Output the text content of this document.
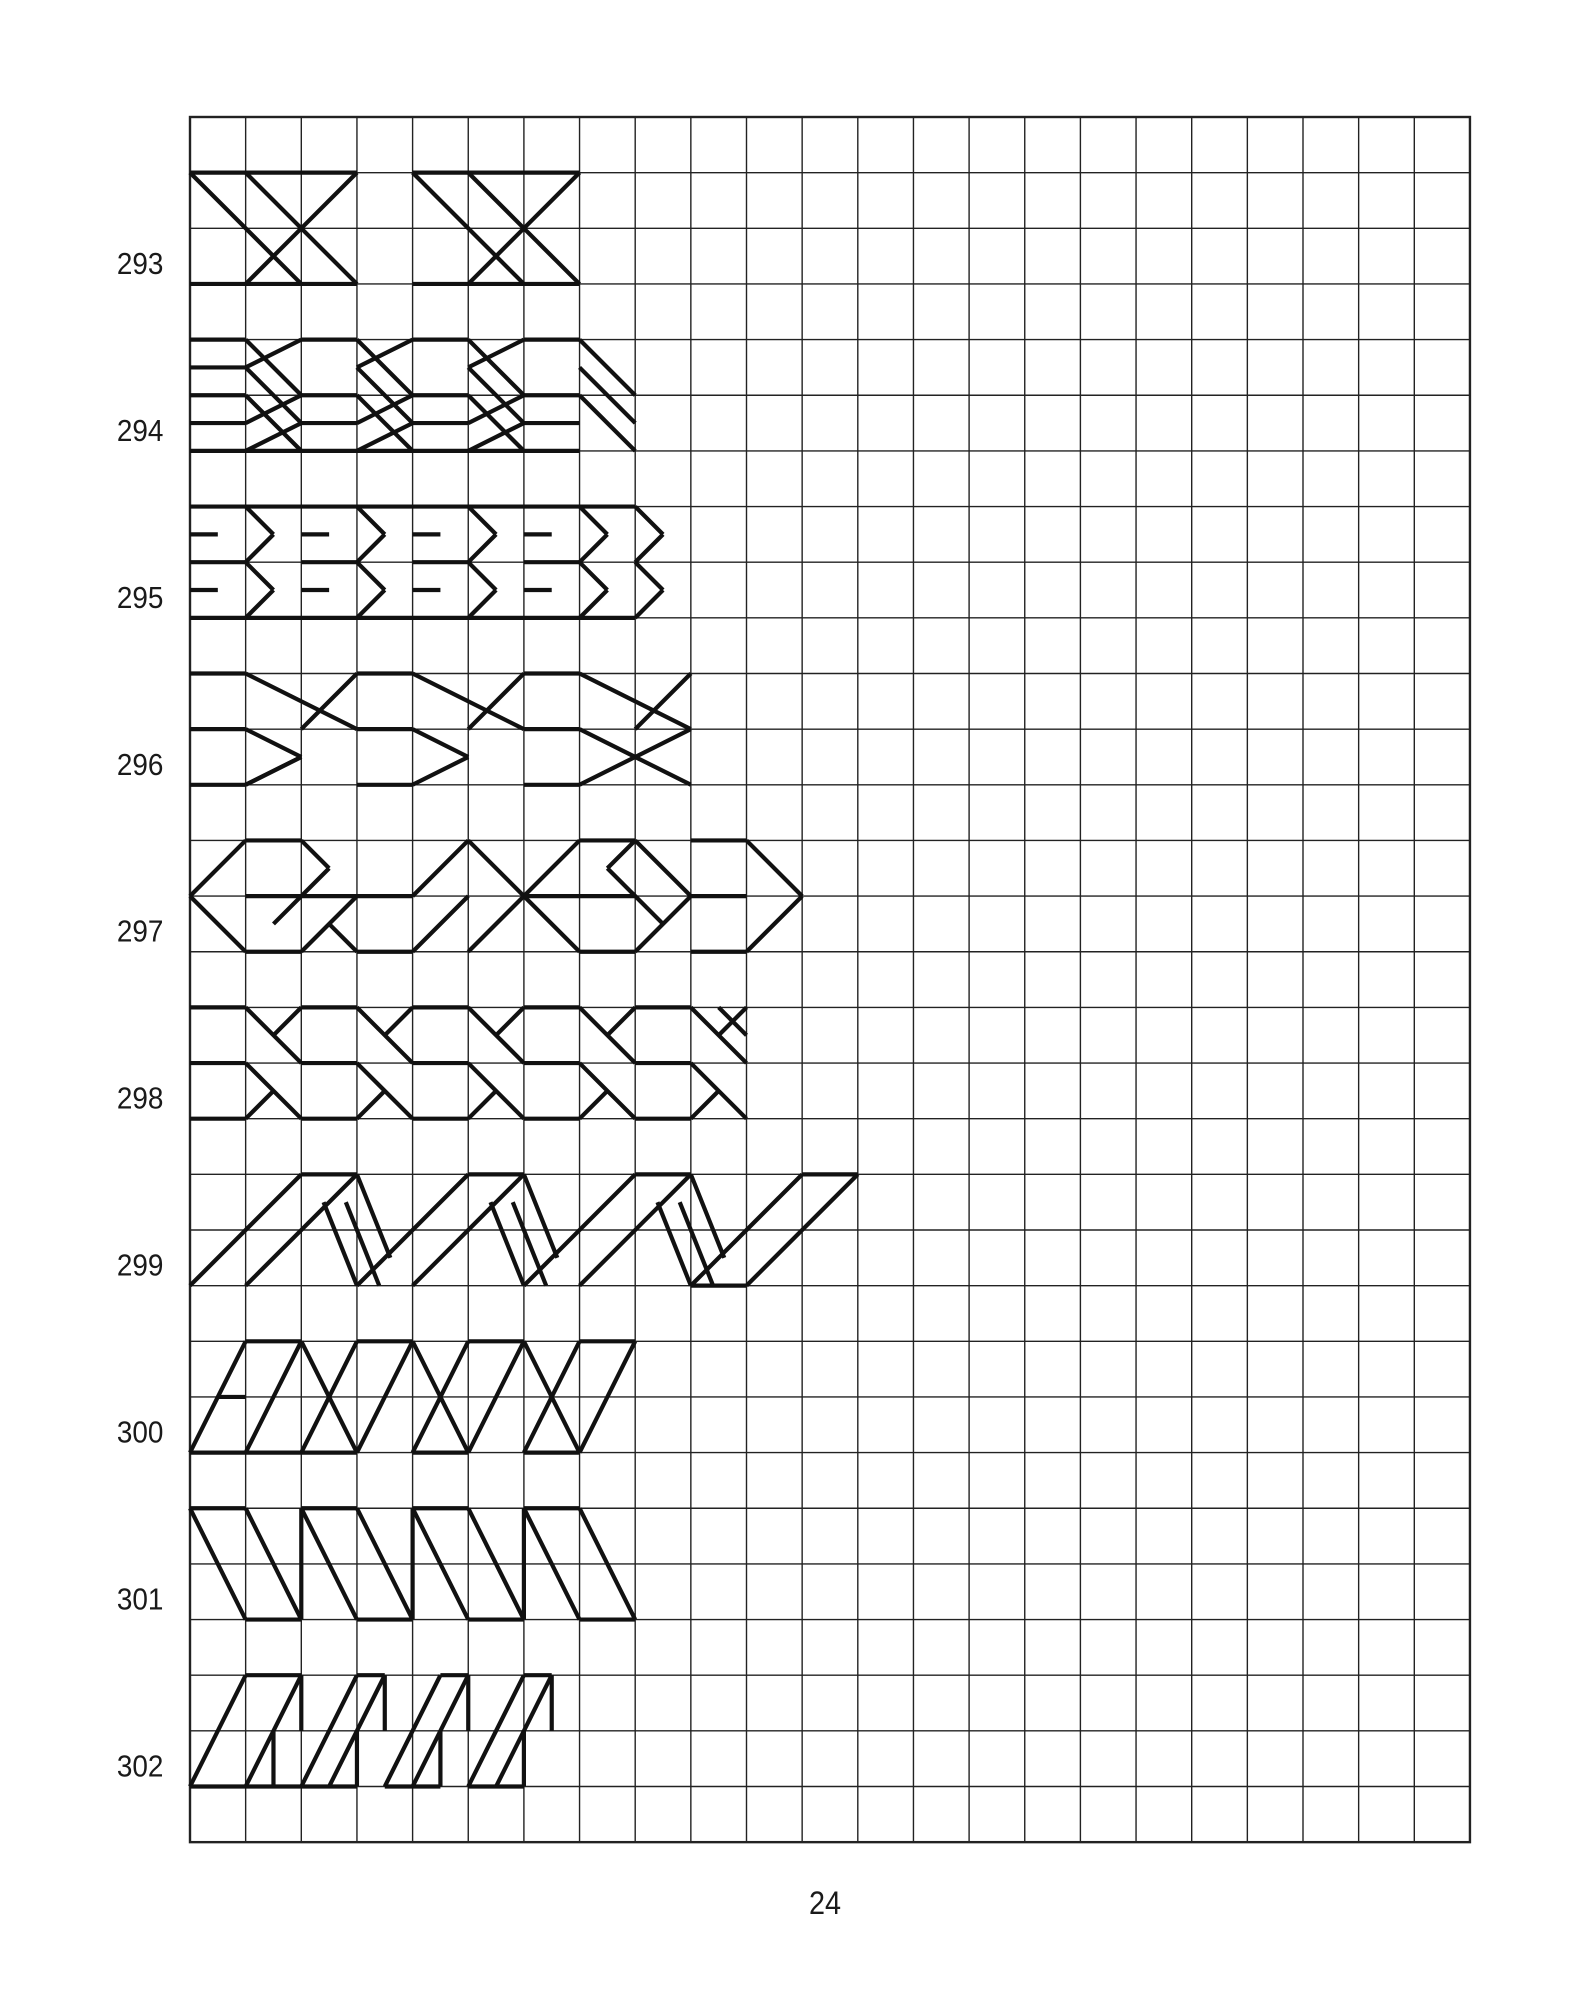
293
294
295
296
297
298
299
300
301
302
24
